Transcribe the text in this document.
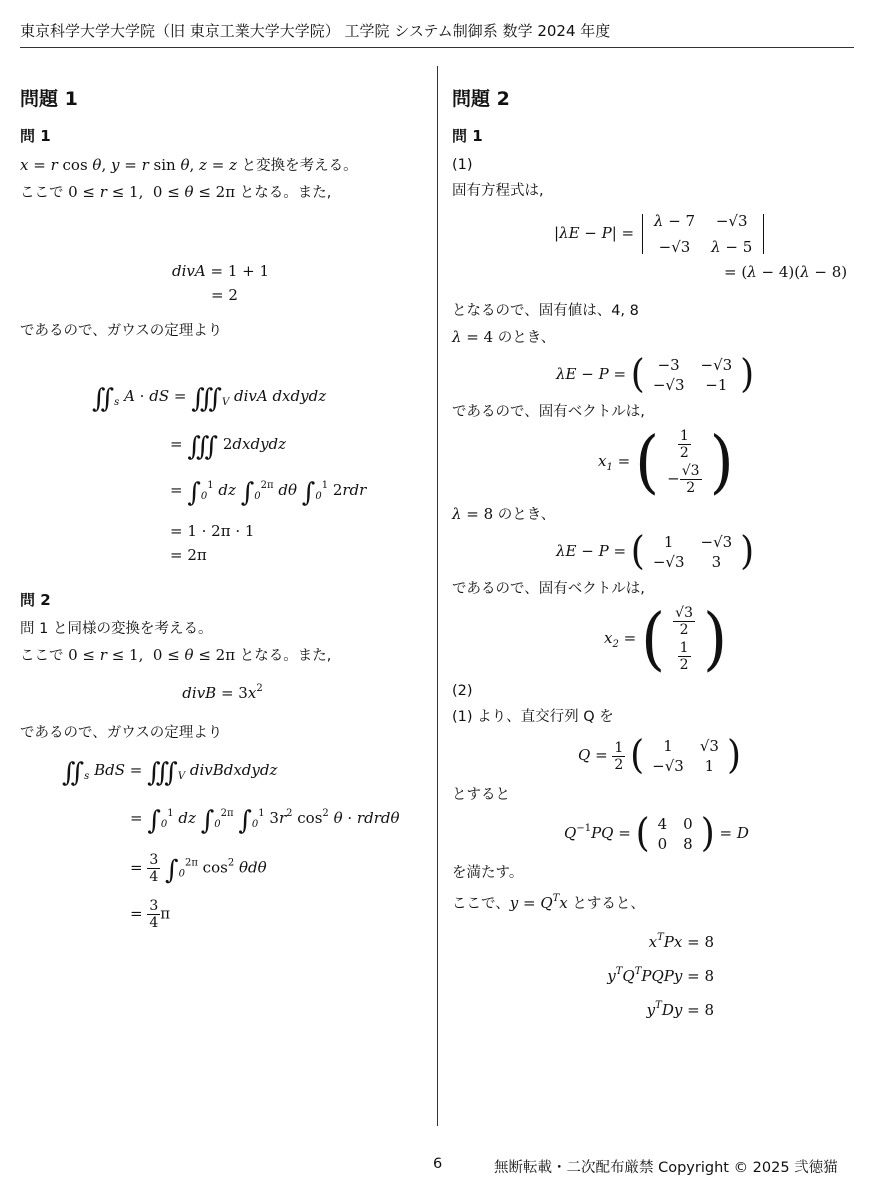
東京科学大学大学院（旧 東京工業大学大学院） 工学院 システム制御系 数学 2024 年度
問題 1
問 1

x = r cos θ, y = r sin θ, z = z と変換を考える。

ここで 0 ≤ r ≤ 1,  0 ≤ θ ≤ 2π となる。また,

divA = 1 + 1
= 2

であるので、ガウスの定理より

$∬_s$ A · dS = $∭_V$ divA dxdydz
= ∭ 2dxdydz
= $\int_0^1$ dz $\int_0^{2\pi}$ dθ $\int_0^1$ 2rdr
= 1 · 2π · 1
= 2π
問 2

問 1 と同様の変換を考える。

ここで 0 ≤ r ≤ 1,  0 ≤ θ ≤ 2π となる。また,

divB = $3x^2$

であるので、ガウスの定理より

$∬_s$ BdS = $∭_V$ divBdxdydz
= $\int_0^1$ dz $\int_0^{2\pi}$ $\int_0^1$ $3r^2$ $\cos^2 \theta$ · rdrdθ
= $\frac{3}{4} \int_0^{2\pi}$ $\cos^2 \theta d\theta$
= $\frac{3}{4}$ π
問題 2
問 1

(1)

固有方程式は,

|λE − P| = λ − 7	−√3
−√3	λ − 5
= (λ − 4)(λ − 8)

となるので、固有値は、4, 8

λ = 4 のとき、

λE − P = ( −3	−√3
−√3	−1 )

であるので、固有ベクトルは,

$x_1$ = ( $\frac{1}{2}$

− $\frac{√3}{2}$ )

λ = 8 のとき、

λE − P = ( 1	−√3
−√3	3 )

であるので、固有ベクトルは,

$x_2$ = ( $\frac{√3}{2}$

$\frac{1}{2}$ )

(2)

(1) より、直交行列 Q を

$Q = \frac{1}{2}$ ( 1	√3
−√3	1 )

とすると

$Q^{-1}PQ$ = ( 4	0
0	8 ) = D

を満たす。

ここで、$y = Q^Tx$ とすると、

$x^TPx = 8$
$y^TQ^TPQPy = 8$
$y^TDy = 8$
6	無断転載・二次配布厳禁 Copyright © 2025 弐徳猫
